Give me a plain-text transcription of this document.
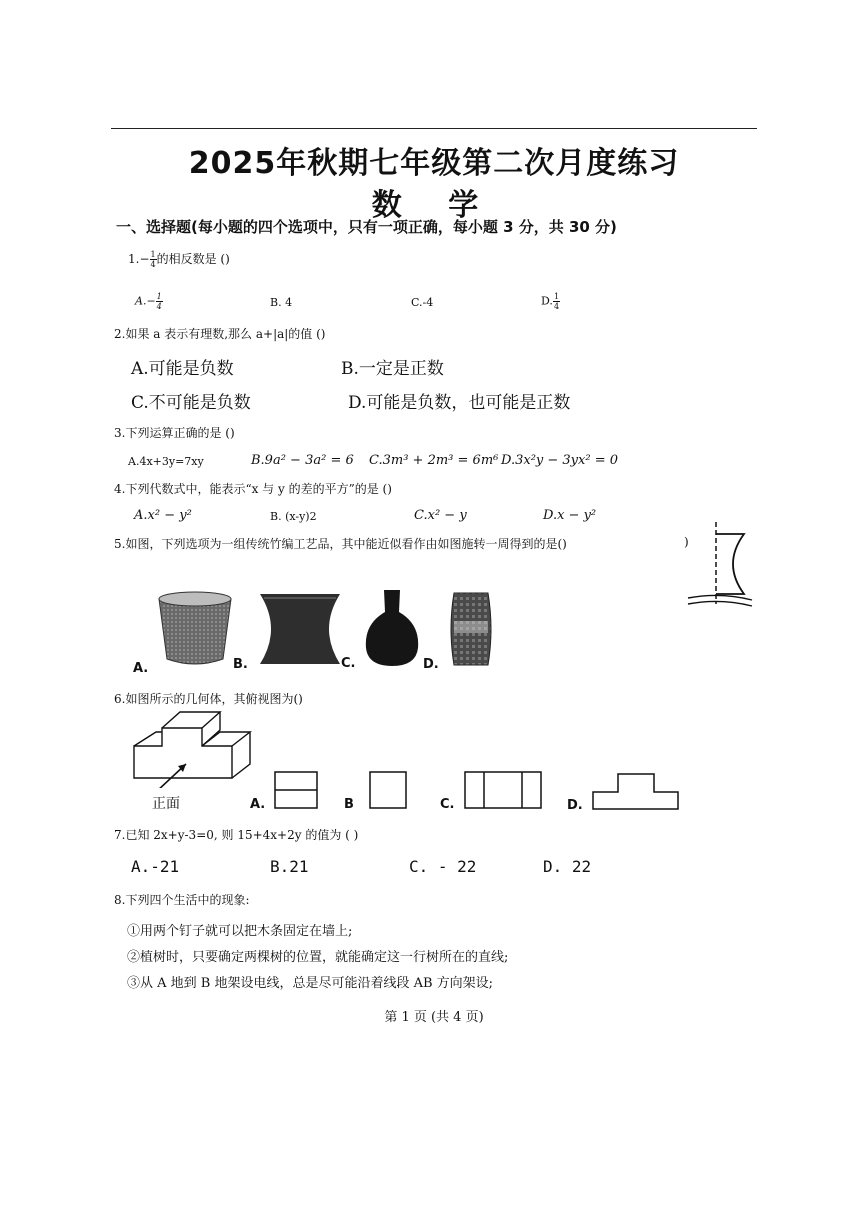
2025年秋期七年级第二次月度练习
数 学
一、选择题(每小题的四个选项中，只有一项正确，每小题 3 分，共 30 分)
$1.- \frac{1}{4}$ 的相反数是 ()
$A.- \frac{1}{4}$	B. 4	C.-4	D. $\frac{1}{4}$
2.如果 a 表示有理数,那么 a+|a|的值 ()
A.可能是负数	B.一定是正数
C.不可能是负数	D.可能是负数，也可能是正数
3.下列运算正确的是 ()
A.4x+3y=7xy	B.9a² − 3a² = 6 C.3m³ + 2m³ = 6m⁶ D.3x²y − 3yx² = 0
4.下列代数式中，能表示“x 与 y 的差的平方”的是 ()
A.x² − y²	B. (x-y)2	C.x² − y	D.x − y²
5.如图，下列选项为一组传统竹编工艺品，其中能近似看作由如图施转一周得到的是()	)
A.	B.	C.	D.
6.如图所示的几何体，其俯视图为()
正面	A.	B	C.	D.
7.已知 2x+y-3=0, 则 15+4x+2y 的值为 ( )
A.-21	B.21	C. - 22	D. 22
8.下列四个生活中的现象:
①用两个钉子就可以把木条固定在墙上;
②植树时，只要确定两棵树的位置，就能确定这一行树所在的直线;
③从 A 地到 B 地架设电线，总是尽可能沿着线段 AB 方向架设;
第 1 页 (共 4 页)
